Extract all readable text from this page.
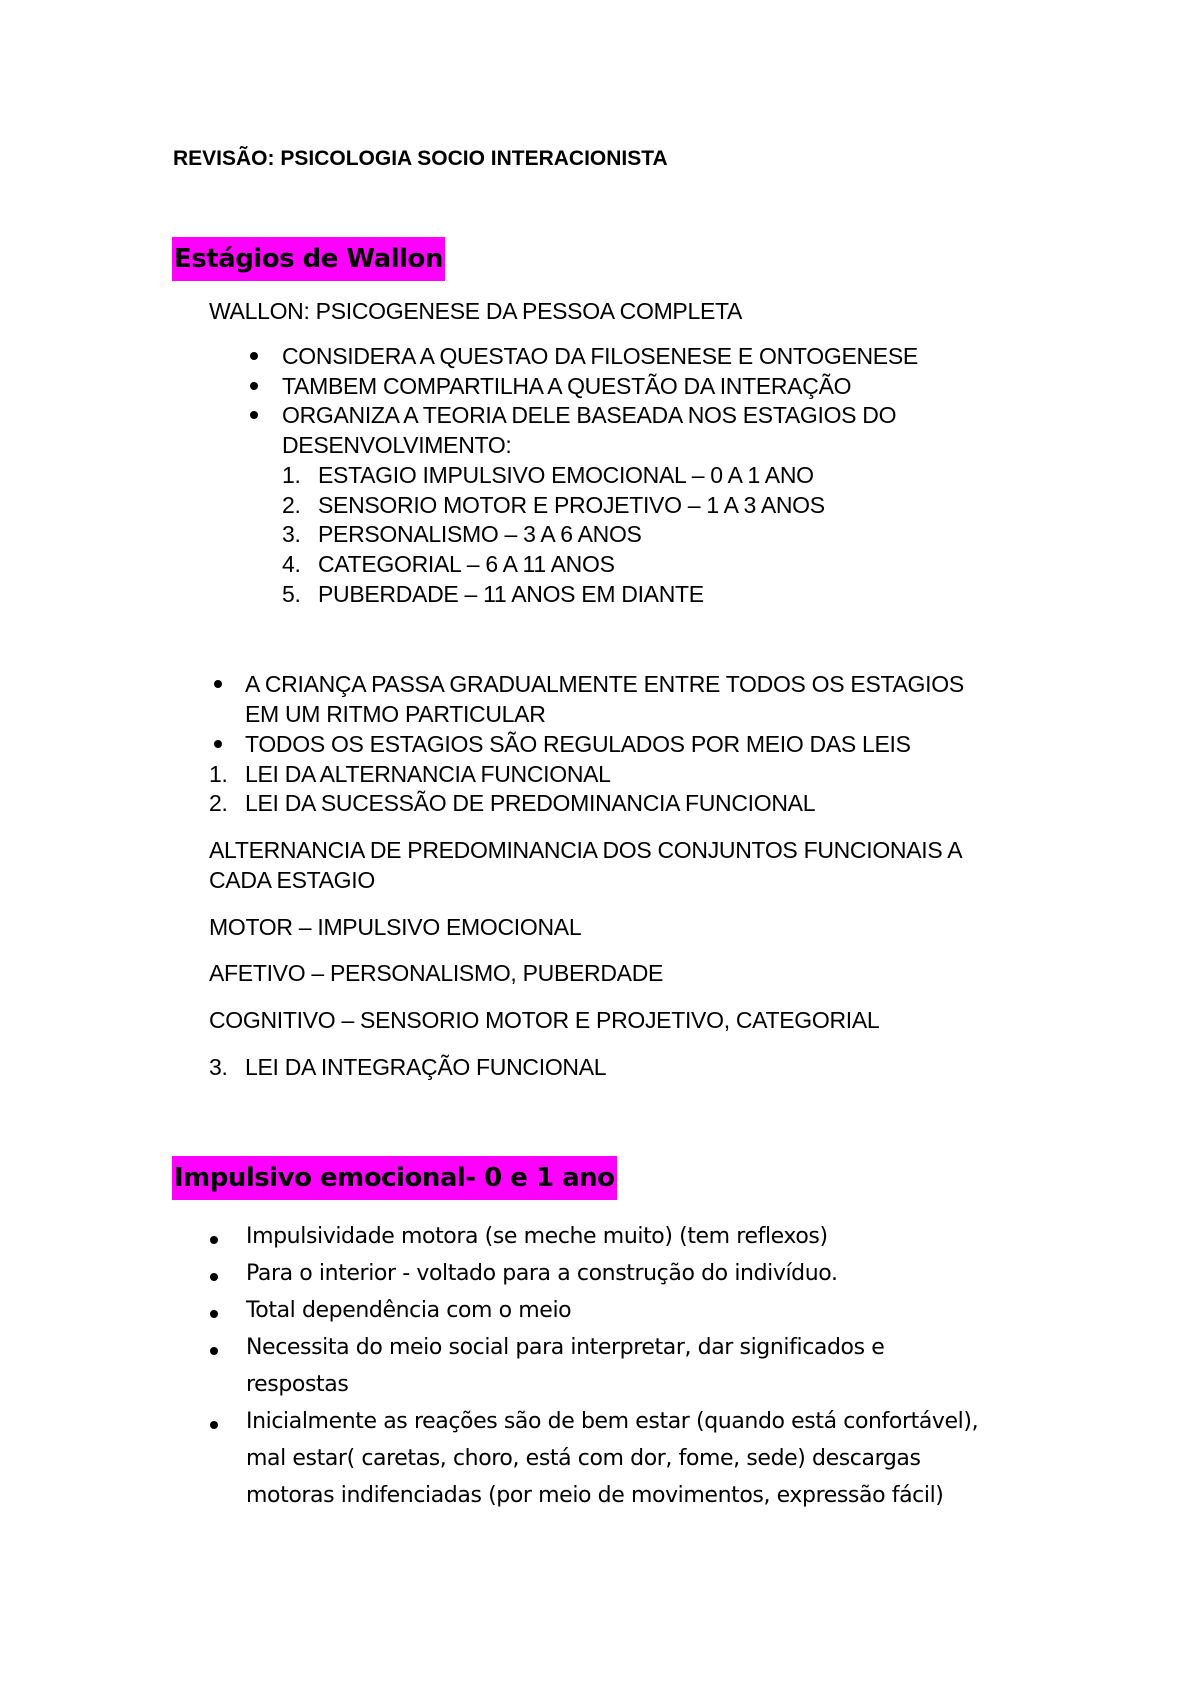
REVISÃO: PSICOLOGIA SOCIO INTERACIONISTA
Estágios de Wallon
WALLON: PSICOGENESE DA PESSOA COMPLETA
CONSIDERA A QUESTAO DA FILOSENESE E ONTOGENESE
TAMBEM COMPARTILHA A QUESTÃO DA INTERAÇÃO
ORGANIZA A TEORIA DELE BASEADA NOS ESTAGIOS DO
DESENVOLVIMENTO:
1. ESTAGIO IMPULSIVO EMOCIONAL – 0 A 1 ANO
2. SENSORIO MOTOR E PROJETIVO – 1 A 3 ANOS
3. PERSONALISMO – 3 A 6 ANOS
4. CATEGORIAL – 6 A 11 ANOS
5. PUBERDADE – 11 ANOS EM DIANTE
A CRIANÇA PASSA GRADUALMENTE ENTRE TODOS OS ESTAGIOS
EM UM RITMO PARTICULAR
TODOS OS ESTAGIOS SÃO REGULADOS POR MEIO DAS LEIS
1. LEI DA ALTERNANCIA FUNCIONAL
2. LEI DA SUCESSÃO DE PREDOMINANCIA FUNCIONAL
ALTERNANCIA DE PREDOMINANCIA DOS CONJUNTOS FUNCIONAIS A
CADA ESTAGIO
MOTOR – IMPULSIVO EMOCIONAL
AFETIVO – PERSONALISMO, PUBERDADE
COGNITIVO – SENSORIO MOTOR E PROJETIVO, CATEGORIAL
3. LEI DA INTEGRAÇÃO FUNCIONAL
Impulsivo emocional- 0 e 1 ano
Impulsividade motora (se meche muito) (tem reflexos)
Para o interior - voltado para a construção do indivíduo.
Total dependência com o meio
Necessita do meio social para interpretar, dar significados e
respostas
Inicialmente as reações são de bem estar (quando está confortável),
mal estar( caretas, choro, está com dor, fome, sede) descargas
motoras indifenciadas (por meio de movimentos, expressão fácil)
